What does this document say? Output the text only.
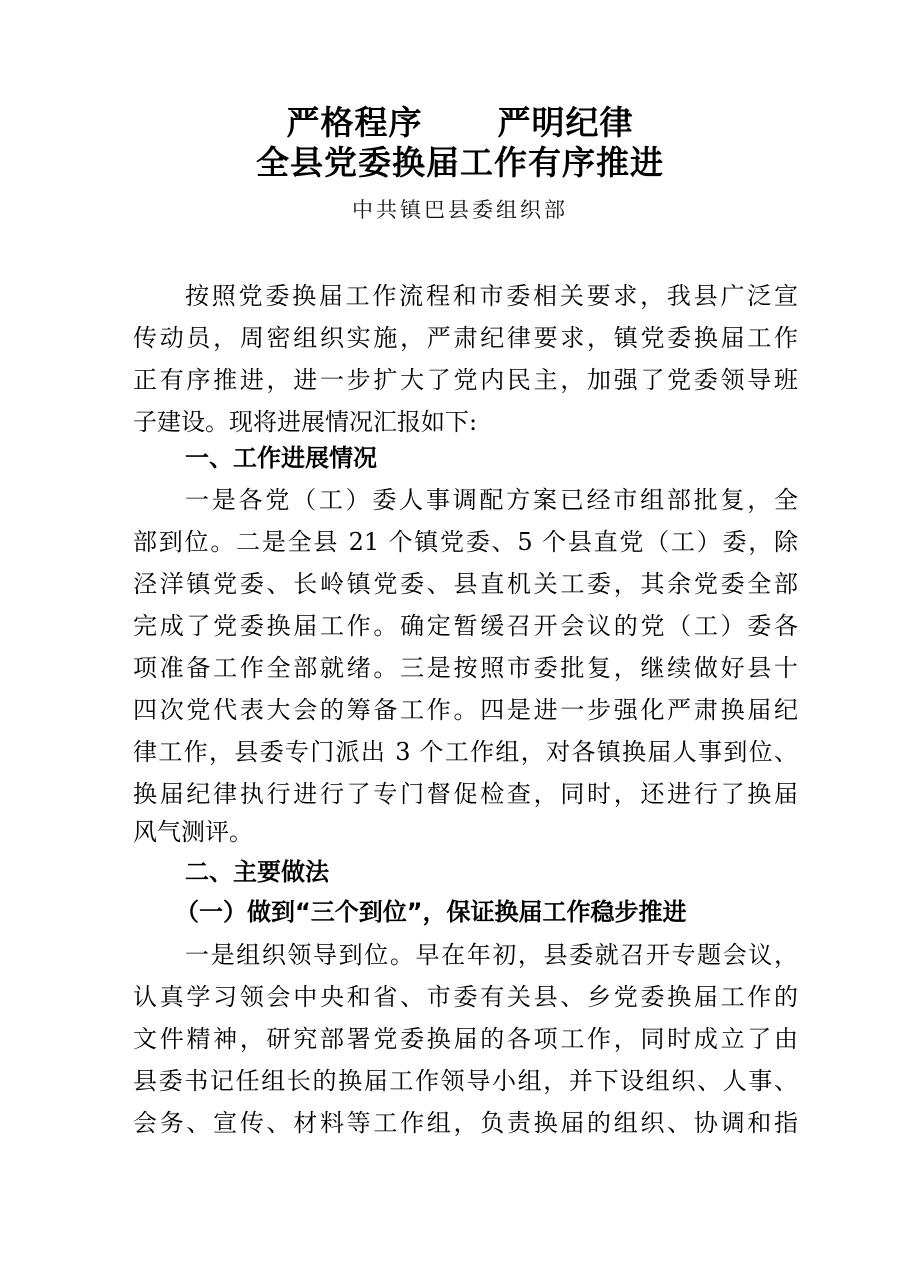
严格程序      严明纪律
全县党委换届工作有序推进
中共镇巴县委组织部
按照党委换届工作流程和市委相关要求，我县广泛宣
传动员，周密组织实施，严肃纪律要求，镇党委换届工作
正有序推进，进一步扩大了党内民主，加强了党委领导班
子建设。现将进展情况汇报如下:
一、工作进展情况
一是各党（工）委人事调配方案已经市组部批复，全
部到位。二是全县 21 个镇党委、5 个县直党（工）委，除
泾洋镇党委、长岭镇党委、县直机关工委，其余党委全部
完成了党委换届工作。确定暂缓召开会议的党（工）委各
项准备工作全部就绪。三是按照市委批复，继续做好县十
四次党代表大会的筹备工作。四是进一步强化严肃换届纪
律工作，县委专门派出 3 个工作组，对各镇换届人事到位、
换届纪律执行进行了专门督促检查，同时，还进行了换届
风气测评。
二、主要做法
（一）做到“三个到位”，保证换届工作稳步推进
一是组织领导到位。早在年初，县委就召开专题会议，
认真学习领会中央和省、市委有关县、乡党委换届工作的
文件精神，研究部署党委换届的各项工作，同时成立了由
县委书记任组长的换届工作领导小组，并下设组织、人事、
会务、宣传、材料等工作组，负责换届的组织、协调和指
